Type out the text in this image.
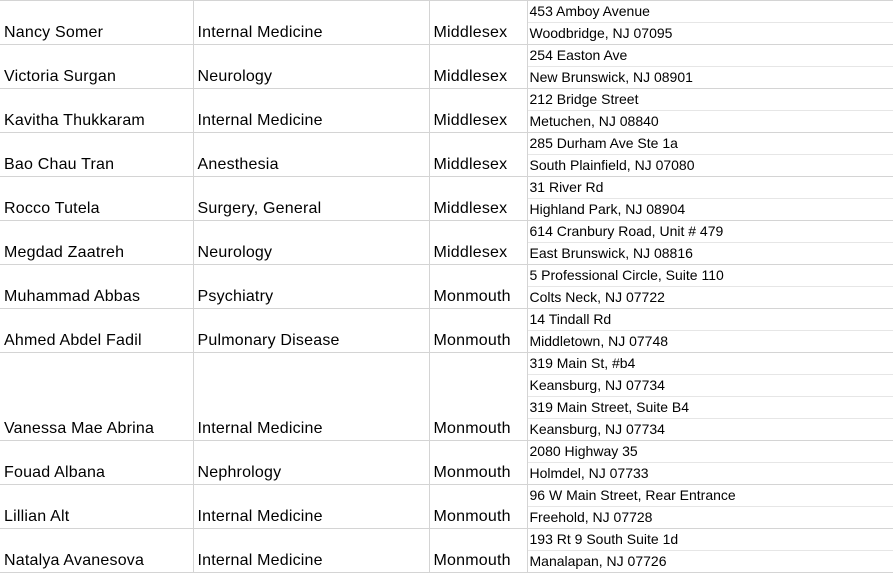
Nancy Somer	Internal Medicine	Middlesex	453 Amboy Avenue
			Woodbridge, NJ 07095
Victoria Surgan	Neurology	Middlesex	254 Easton Ave
			New Brunswick, NJ 08901
Kavitha Thukkaram	Internal Medicine	Middlesex	212 Bridge Street
			Metuchen, NJ 08840
Bao Chau Tran	Anesthesia	Middlesex	285 Durham Ave Ste 1a
			South Plainfield, NJ 07080
Rocco Tutela	Surgery, General	Middlesex	31 River Rd
			Highland Park, NJ 08904
Megdad Zaatreh	Neurology	Middlesex	614 Cranbury Road, Unit # 479
			East Brunswick, NJ 08816
Muhammad Abbas	Psychiatry	Monmouth	5 Professional Circle, Suite 110
			Colts Neck, NJ 07722
Ahmed Abdel Fadil	Pulmonary Disease	Monmouth	14 Tindall Rd
			Middletown, NJ 07748
Vanessa Mae Abrina	Internal Medicine	Monmouth	319 Main St, #b4
			Keansburg, NJ 07734
			319 Main Street, Suite B4
			Keansburg, NJ 07734
Fouad Albana	Nephrology	Monmouth	2080 Highway 35
			Holmdel, NJ 07733
Lillian Alt	Internal Medicine	Monmouth	96 W Main Street, Rear Entrance
			Freehold, NJ 07728
Natalya Avanesova	Internal Medicine	Monmouth	193 Rt 9 South Suite 1d
			Manalapan, NJ 07726
